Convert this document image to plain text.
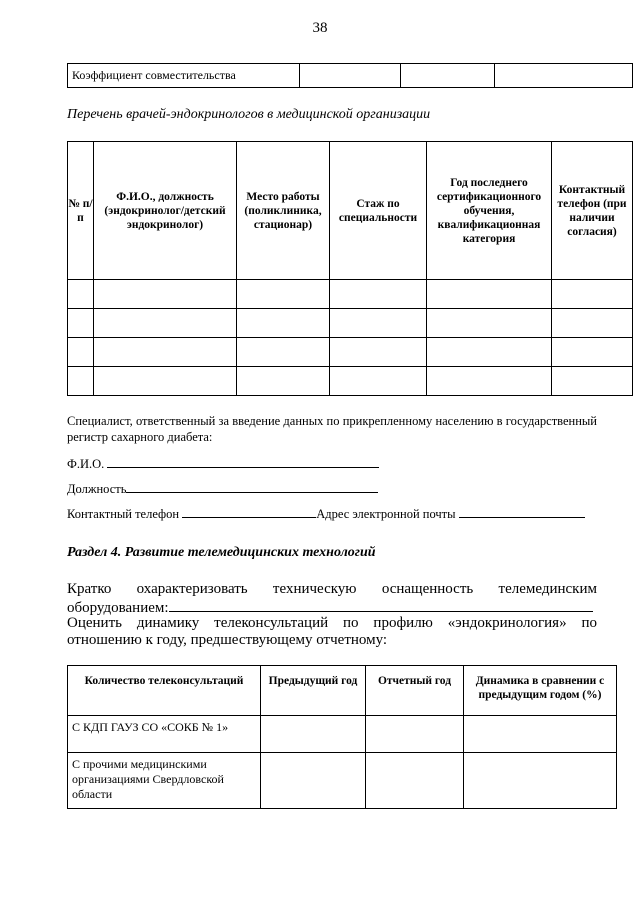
38
Коэффициент совместительства			
Перечень врачей-эндокринологов в медицинской организации
№ п/п	Ф.И.О., должность (эндокринолог/детский эндокринолог)	Место работы (поликлиника, стационар)	Стаж по специальности	Год последнего сертификационного обучения, квалификационная категория	Контактный телефон (при наличии согласия)

Специалист, ответственный за введение данных по прикрепленному населению в государственный регистр сахарного диабета:
Ф.И.О.
Должность
Контактный телефон	Адрес электронной почты
Раздел 4. Развитие телемедицинских технологий
Кратко охарактеризовать техническую оснащенность телемединским
оборудованием:
Оценить динамику телеконсультаций по профилю «эндокринология» по
отношению к году, предшествующему отчетному:
Количество телеконсультаций	Предыдущий год	Отчетный год	Динамика в сравнении с предыдущим годом (%)
С КДП ГАУЗ СО «СОКБ № 1»			
С прочими медицинскими организациями Свердловской области			
